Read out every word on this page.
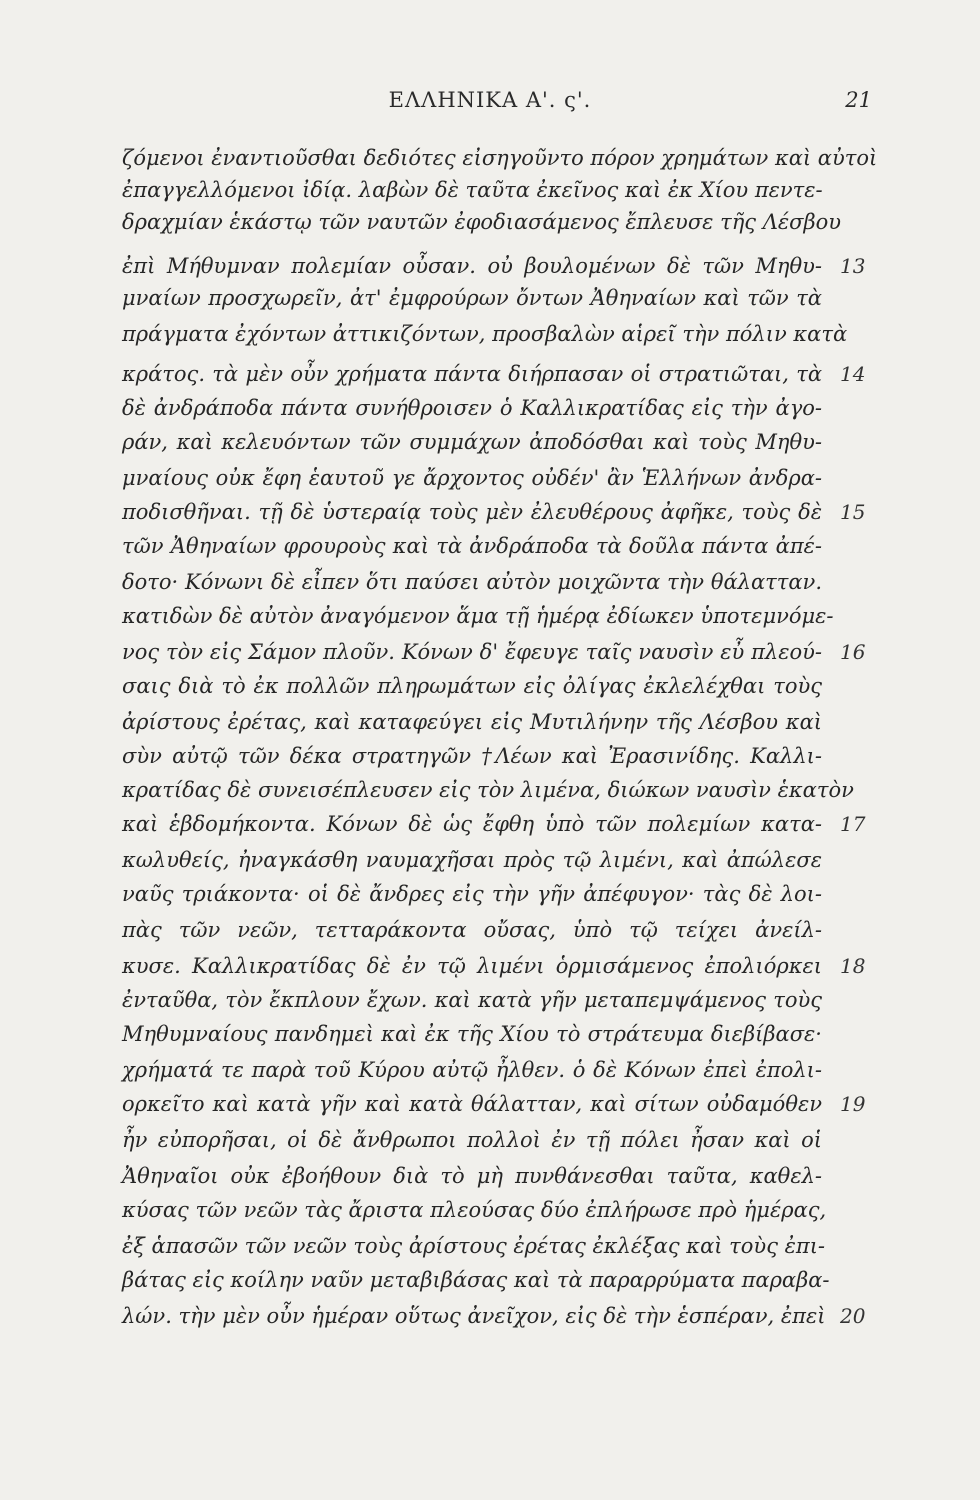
ΕΛΛΗΝΙΚΑ Α'. ς'.	21
ζόμενοι ἐναντιοῦσθαι δεδιότες εἰσηγοῦντο πόρον χρημάτων καὶ αὐτοὶ
ἐπαγγελλόμενοι ἰδίᾳ. λαβὼν δὲ ταῦτα ἐκεῖνος καὶ ἐκ Χίου πεντε-
δραχμίαν ἑκάστῳ τῶν ναυτῶν ἐφοδιασάμενος ἔπλευσε τῆς Λέσβου
ἐπὶ Μήθυμναν πολεμίαν οὖσαν. οὐ βουλομένων δὲ τῶν Μηθυ-
μναίων προσχωρεῖν, ἀτ' ἐμφρούρων ὄντων Ἀθηναίων καὶ τῶν τὰ
πράγματα ἐχόντων ἀττικιζόντων, προσβαλὼν αἱρεῖ τὴν πόλιν κατὰ
κράτος. τὰ μὲν οὖν χρήματα πάντα διήρπασαν οἱ στρατιῶται, τὰ
δὲ ἀνδράποδα πάντα συνήθροισεν ὁ Καλλικρατίδας εἰς τὴν ἀγο-
ράν, καὶ κελευόντων τῶν συμμάχων ἀποδόσθαι καὶ τοὺς Μηθυ-
μναίους οὐκ ἔφη ἑαυτοῦ γε ἄρχοντος οὐδέν' ἂν Ἑλλήνων ἀνδρα-
ποδισθῆναι. τῇ δὲ ὑστεραίᾳ τοὺς μὲν ἐλευθέρους ἀφῆκε, τοὺς δὲ
τῶν Ἀθηναίων φρουροὺς καὶ τὰ ἀνδράποδα τὰ δοῦλα πάντα ἀπέ-
δοτο· Κόνωνι δὲ εἶπεν ὅτι παύσει αὐτὸν μοιχῶντα τὴν θάλατταν.
κατιδὼν δὲ αὐτὸν ἀναγόμενον ἅμα τῇ ἡμέρᾳ ἐδίωκεν ὑποτεμνόμε-
νος τὸν εἰς Σάμον πλοῦν. Κόνων δ' ἔφευγε ταῖς ναυσὶν εὖ πλεού-
σαις διὰ τὸ ἐκ πολλῶν πληρωμάτων εἰς ὀλίγας ἐκλελέχθαι τοὺς
ἀρίστους ἐρέτας, καὶ καταφεύγει εἰς Μυτιλήνην τῆς Λέσβου καὶ
σὺν αὐτῷ τῶν δέκα στρατηγῶν †Λέων καὶ Ἐρασινίδης. Καλλι-
κρατίδας δὲ συνεισέπλευσεν εἰς τὸν λιμένα, διώκων ναυσὶν ἑκατὸν
καὶ ἑβδομήκοντα. Κόνων δὲ ὡς ἔφθη ὑπὸ τῶν πολεμίων κατα-
κωλυθείς, ἠναγκάσθη ναυμαχῆσαι πρὸς τῷ λιμένι, καὶ ἀπώλεσε
ναῦς τριάκοντα· οἱ δὲ ἄνδρες εἰς τὴν γῆν ἀπέφυγον· τὰς δὲ λοι-
πὰς τῶν νεῶν, τετταράκοντα οὔσας, ὑπὸ τῷ τείχει ἀνείλ-
κυσε. Καλλικρατίδας δὲ ἐν τῷ λιμένι ὁρμισάμενος ἐπολιόρκει
ἐνταῦθα, τὸν ἔκπλουν ἔχων. καὶ κατὰ γῆν μεταπεμψάμενος τοὺς
Μηθυμναίους πανδημεὶ καὶ ἐκ τῆς Χίου τὸ στράτευμα διεβίβασε·
χρήματά τε παρὰ τοῦ Κύρου αὐτῷ ἦλθεν. ὁ δὲ Κόνων ἐπεὶ ἐπολι-
ορκεῖτο καὶ κατὰ γῆν καὶ κατὰ θάλατταν, καὶ σίτων οὐδαμόθεν
ἦν εὐπορῆσαι, οἱ δὲ ἄνθρωποι πολλοὶ ἐν τῇ πόλει ἦσαν καὶ οἱ
Ἀθηναῖοι οὐκ ἐβοήθουν διὰ τὸ μὴ πυνθάνεσθαι ταῦτα, καθελ-
κύσας τῶν νεῶν τὰς ἄριστα πλεούσας δύο ἐπλήρωσε πρὸ ἡμέρας,
ἐξ ἁπασῶν τῶν νεῶν τοὺς ἀρίστους ἐρέτας ἐκλέξας καὶ τοὺς ἐπι-
βάτας εἰς κοίλην ναῦν μεταβιβάσας καὶ τὰ παραρρύματα παραβα-
λών. τὴν μὲν οὖν ἡμέραν οὕτως ἀνεῖχον, εἰς δὲ τὴν ἑσπέραν, ἐπεὶ
13
14
15
16
17
18
19
20
